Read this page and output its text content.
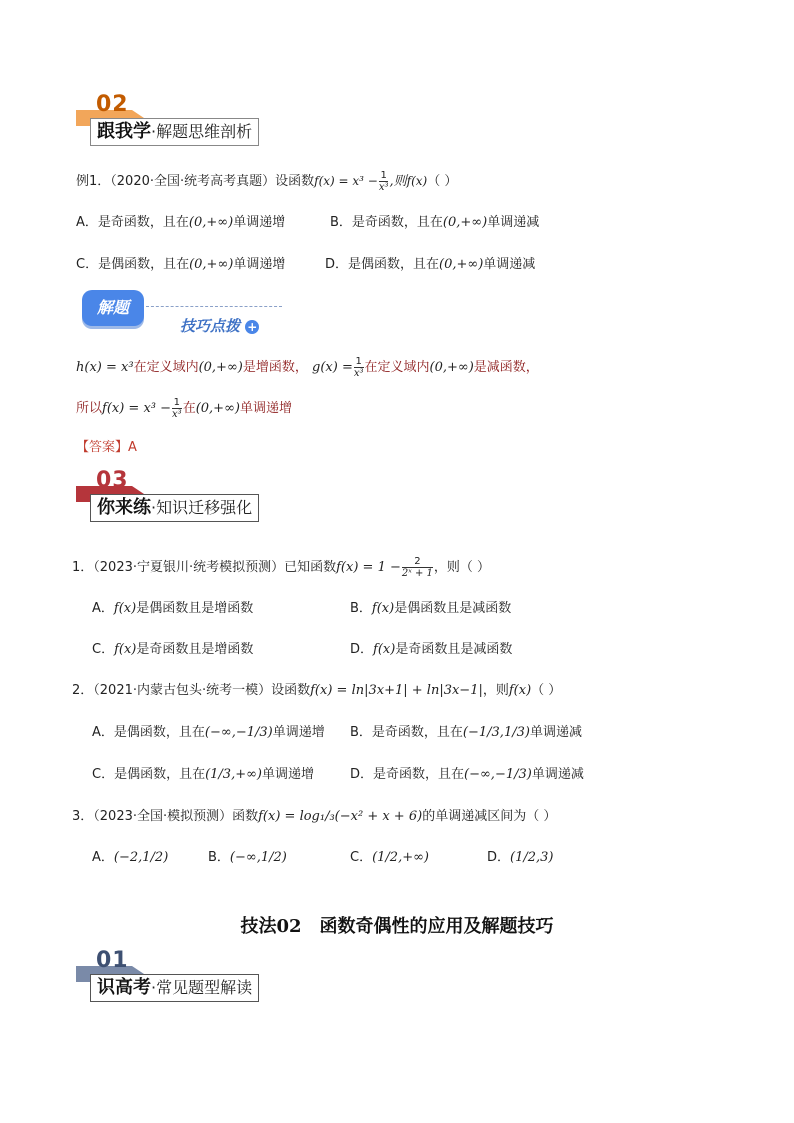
02
跟我学·解题思维剖析
例1．（2020·全国·统考高考真题）设函数$f(x) = x^3 - \frac{1}{\text{x³}}$ ,则f(x)（ ）
A．是奇函数，且在(0,+∞)单调递增	B．是奇函数，且在(0,+∞)单调递减
C．是偶函数，且在(0,+∞)单调递增	D．是偶函数，且在(0,+∞)单调递减
解题
技巧点拨 +
h(x) = x³在定义域内(0,+∞)是增函数， $g(x) = \frac{1}{\text{x³}}$ 在定义域内(0,+∞)是减函数，
所以$f(x) = x^3 - \frac{1}{\text{x³}}$ 在(0,+∞)单调递增
【答案】A
03
你来练·知识迁移强化
1．（2023·宁夏银川·统考模拟预测）已知函数$f(x) = 1 - \frac{2}{\text{2ˣ + 1}}$ ，则（ ）
A．f(x)是偶函数且是增函数	B．f(x)是偶函数且是减函数
C．f(x)是奇函数且是增函数	D．f(x)是奇函数且是减函数
2．（2021·内蒙古包头·统考一模）设函数f(x) = ln|3x+1| + ln|3x−1|，则f(x)（ ）
A．是偶函数，且在(−∞,−1/3)单调递增 B．是奇函数，且在(−1/3,1/3)单调递减
C．是偶函数，且在(1/3,+∞)单调递增	D．是奇函数，且在(−∞,−1/3)单调递减
3．（2023·全国·模拟预测）函数f(x) = log₁/₃(−x² + x + 6)的单调递减区间为（ ）
A．(−2,1/2)	B．(−∞,1/2)	C．(1/2,+∞)	D．(1/2,3)
技法02　函数奇偶性的应用及解题技巧
01
识高考·常见题型解读
